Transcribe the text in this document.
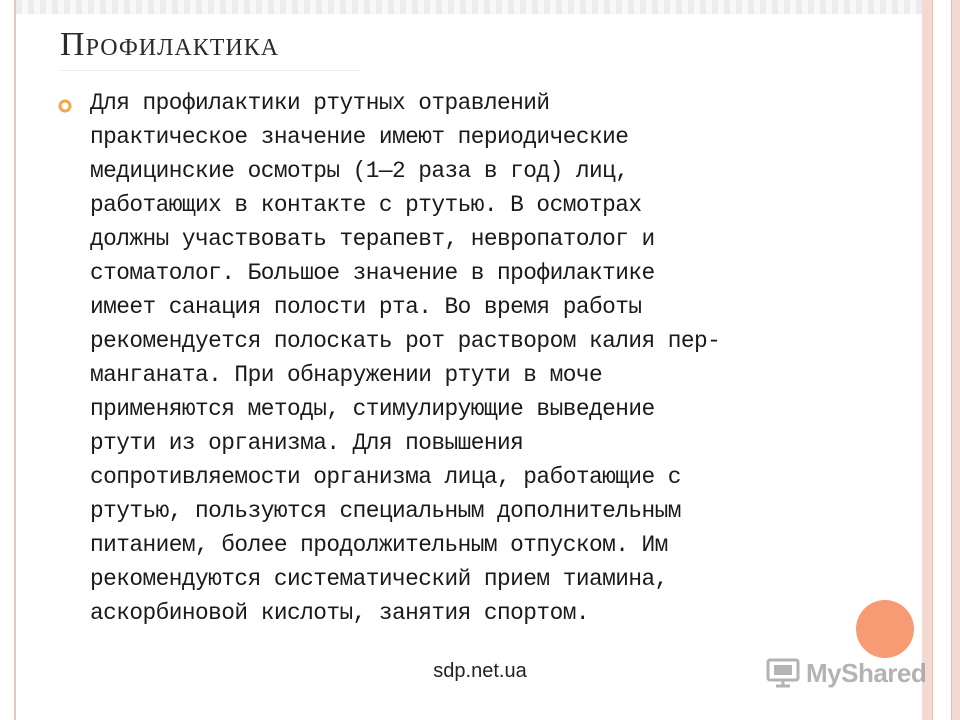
ПРОФИЛАКТИКА
Для профилактики ртутных отравлений
практическое значение имеют периодические
медицинские осмотры (1—2 раза в год) лиц,
работающих в контакте с ртутью. В осмотрах
должны участвовать терапевт, невропатолог и
стоматолог. Большое значение в профилактике
имеет санация полости рта. Во время работы
рекомендуется полоскать рот раствором калия пер-
манганата. При обнаружении ртути в моче
применяются методы, стимулирующие выведение
ртути из организма. Для повышения
сопротивляемости организма лица, работающие с
ртутью, пользуются специальным дополнительным
питанием, более продолжительным отпуском. Им
рекомендуются систематический прием тиамина,
аскорбиновой кислоты, занятия спортом.
sdp.net.ua	MyShared
